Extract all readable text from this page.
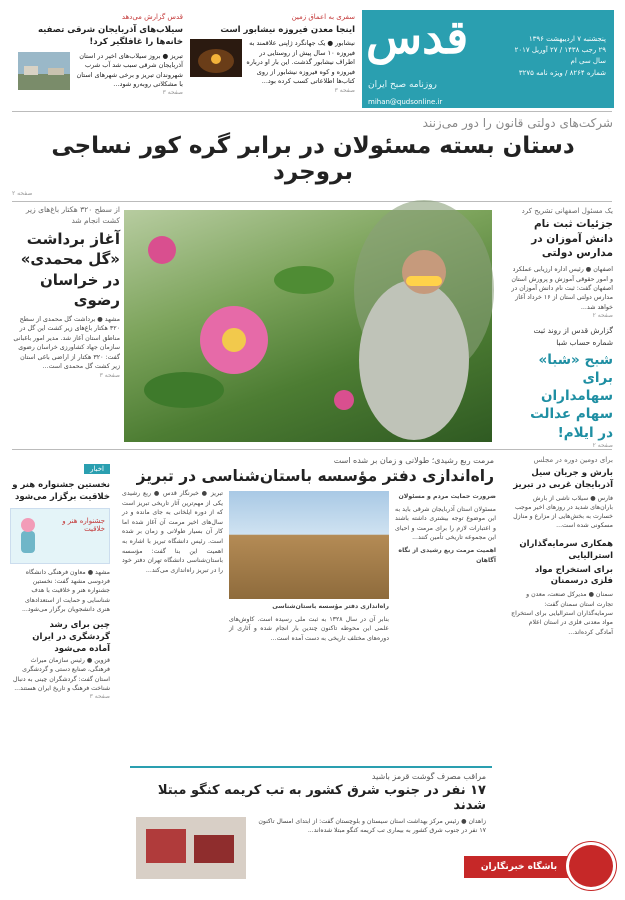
قدس
روزنامه صبح ایران
پنجشنبه ۷ اردیبهشت ۱۳۹۶
۲۹ رجب ۱۴۳۸ / ۲۷ آوریل ۲۰۱۷
سال سی ام
شماره ۸۲۶۴ / ویژه نامه ۳۲۷۵
mihan@qudsonline.ir
سفری به اعماق زمین
اینجا معدن فیروزه نیشابور است
نیشابور ● یک جهانگرد ژاپنی علاقمند به فیروزه ۱۰ سال پیش از روستایی در اطراف نیشابور گذشت. این بار او درباره فیروزه و کوه فیروزه نیشابور از روی کتاب‌ها اطلاعاتی کسب کرده بود...
صفحه ۳
قدس گزارش می‌دهد
سیلاب‌های آذربایجان شرقی تصفیه خانه‌ها را غافلگیر کرد!
تبریز ● بروز سیلاب‌های اخیر در استان آذربایجان شرقی سبب شد آب شرب شهروندان تبریز و برخی شهرهای استان با مشکلاتی روبه‌رو شود...
صفحه ۳
شرکت‌های دولتی قانون را دور می‌زنند
دستان بسته مسئولان در برابر گره کور نساجی بروجرد
صفحه ۲
از سطح ۳۲۰ هکتار باغ‌های زیر کشت انجام شد
آغاز برداشت «گل محمدی» در خراسان رضوی
مشهد ● برداشت گل محمدی از سطح ۳۲۰ هکتار باغ‌های زیر کشت این گل در مناطق استان آغاز شد. مدیر امور باغبانی سازمان جهاد کشاورزی خراسان رضوی گفت: ۳۲۰ هکتار از اراضی باغی استان زیر کشت گل محمدی است...
صفحه ۳
یک مسئول اصفهانی تشریح کرد
جزئیات ثبت نام دانش آموزان در مدارس دولتی
اصفهان ● رئیس اداره ارزیابی عملکرد و امور حقوقی آموزش و پرورش استان اصفهان گفت: ثبت نام دانش آموزان در مدارس دولتی استان از ۱۶ خرداد آغاز خواهد شد...
صفحه ۲
گزارش قدس از روند ثبت شماره حساب شبا
شبح «شبا» برای سهامداران سهام عدالت در ایلام!
صفحه ۲
اخبار
نخستین جشنواره هنر و خلاقیت برگزار می‌شود
جشنواره هنر و خلاقیت
مشهد ● معاون فرهنگی دانشگاه فردوسی مشهد گفت: نخستین جشنواره هنر و خلاقیت با هدف شناسایی و حمایت از استعدادهای هنری دانشجویان برگزار می‌شود...
چین برای رشد گردشگری در ایران آماده می‌شود
قزوین ● رئیس سازمان میراث فرهنگی، صنایع دستی و گردشگری استان گفت: گردشگران چینی به دنبال شناخت فرهنگ و تاریخ ایران هستند...
صفحه ۳
مرمت ربع رشیدی؛ طولانی و زمان بر شده است
راه‌اندازی دفتر مؤسسه باستان‌شناسی در تبریز
ضرورت حمایت مردم و مسئولان
مسئولان استان آذربایجان شرقی باید به این موضوع توجه بیشتری داشته باشند و اعتبارات لازم را برای مرمت و احیای این مجموعه تاریخی تأمین کنند...
اهمیت مرمت ربع رشیدی از نگاه آگاهان
راه‌اندازی دفتر مؤسسه باستان‌شناسی
بنابر آن در سال ۱۳۲۸ به ثبت ملی رسیده است. کاوش‌های علمی این محوطه تاکنون چندین بار انجام شده و آثاری از دوره‌های مختلف تاریخی به دست آمده است...
تبریز ● خبرنگار قدس ● ربع رشیدی یکی از مهم‌ترین آثار تاریخی تبریز است که از دوره ایلخانی به جای مانده و در سال‌های اخیر مرمت آن آغاز شده اما کار آن بسیار طولانی و زمان بر شده است. رئیس دانشگاه تبریز با اشاره به اهمیت این بنا گفت: مؤسسه باستان‌شناسی دانشگاه تهران دفتر خود را در تبریز راه‌اندازی می‌کند...
مراقب مصرف گوشت قرمز باشید
۱۷ نفر در جنوب شرق کشور به تب کریمه کنگو مبتلا شدند
زاهدان ● رئیس مرکز بهداشت استان سیستان و بلوچستان گفت: از ابتدای امسال تاکنون ۱۷ نفر در جنوب شرق کشور به بیماری تب کریمه کنگو مبتلا شده‌اند...
برای دومین دوره در مجلس
بارش و جریان سیل آذربایجان غربی در تبریز
فارس ● سیلاب ناشی از بارش باران‌های شدید در روزهای اخیر موجب خسارت به بخش‌هایی از مزارع و منازل مسکونی شده است...
همکاری سرمایه‌گذاران استرالیایی
برای استخراج مواد فلزی درسمنان
سمنان ● مدیرکل صنعت، معدن و تجارت استان سمنان گفت: سرمایه‌گذاران استرالیایی برای استخراج مواد معدنی فلزی در استان اعلام آمادگی کرده‌اند...
باشگاه خبرنگاران
